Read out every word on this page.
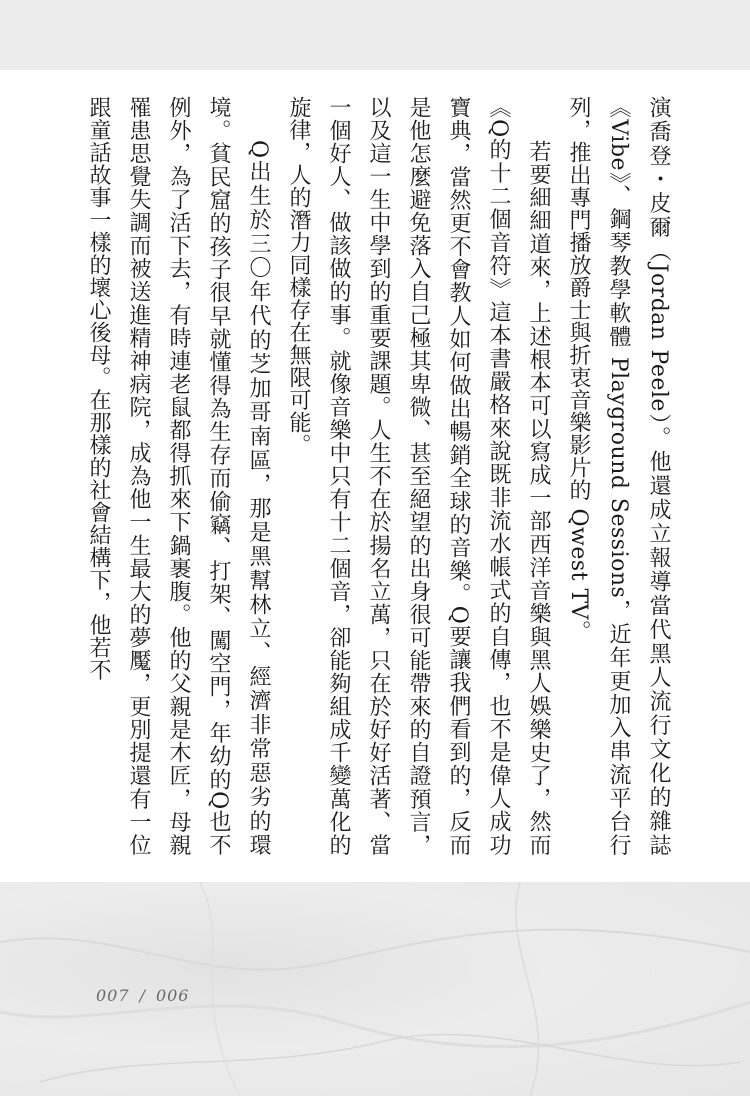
演喬登・皮爾（Jordan Peele）。他還成立報導當代黑人流行文化的雜誌《Vibe》、鋼琴教學軟體 Playground Sessions，近年更加入串流平台行列，推出專門播放爵士與折衷音樂影片的 Qwest TV。

若要細細道來，上述根本可以寫成一部西洋音樂與黑人娛樂史了，然而《Q的十二個音符》這本書嚴格來說既非流水帳式的自傳，也不是偉人成功寶典，當然更不會教人如何做出暢銷全球的音樂。Q要讓我們看到的，反而是他怎麼避免落入自己極其卑微、甚至絕望的出身很可能帶來的自證預言，以及這一生中學到的重要課題。人生不在於揚名立萬，只在於好好活著、當一個好人、做該做的事。就像音樂中只有十二個音，卻能夠組成千變萬化的旋律，人的潛力同樣存在無限可能。

Q出生於三〇年代的芝加哥南區，那是黑幫林立、經濟非常惡劣的環境。貧民窟的孩子很早就懂得為生存而偷竊、打架、闖空門，年幼的Q也不例外，為了活下去，有時連老鼠都得抓來下鍋裹腹。他的父親是木匠，母親罹患思覺失調而被送進精神病院，成為他一生最大的夢魘，更別提還有一位跟童話故事一樣的壞心後母。在那樣的社會結構下，他若不

007 / 006
